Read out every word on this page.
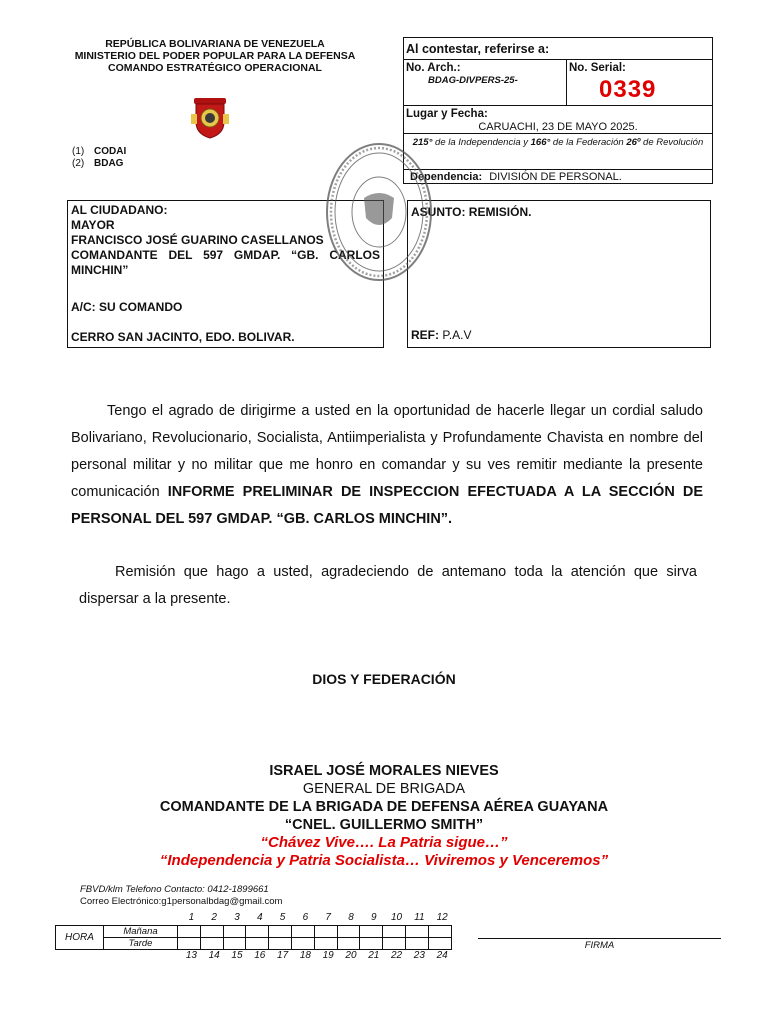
REPÚBLICA BOLIVARIANA DE VENEZUELA
MINISTERIO DEL PODER POPULAR PARA LA DEFENSA
COMANDO ESTRATÉGICO OPERACIONAL
(1) CODAI
(2) BDAG
Al contestar, referirse a:
No. Arch.:
BDAG-DIVPERS-25-
No. Serial:
0339
Lugar y Fecha:
CARUACHI, 23 DE MAYO 2025.
215° de la Independencia y 166° de la Federación 26º de Revolución
Dependencia: DIVISIÓN DE PERSONAL.
AL CIUDADANO:
MAYOR
FRANCISCO JOSÉ GUARINO CASELLANOS
COMANDANTE DEL 597 GMDAP. “GB. CARLOS MINCHIN”
A/C: SU COMANDO
CERRO SAN JACINTO, EDO. BOLIVAR.
ASUNTO: REMISIÓN.
REF: P.A.V
Tengo el agrado de dirigirme a usted en la oportunidad de hacerle llegar un cordial saludo Bolivariano, Revolucionario, Socialista, Antiimperialista y Profundamente Chavista en nombre del personal militar y no militar que me honro en comandar y su ves remitir mediante la presente comunicación INFORME PRELIMINAR DE INSPECCION EFECTUADA A LA SECCIÓN DE PERSONAL DEL 597 GMDAP. “GB. CARLOS MINCHIN”.
Remisión que hago a usted, agradeciendo de antemano toda la atención que sirva dispersar a la presente.
DIOS Y FEDERACIÓN
ISRAEL JOSÉ MORALES NIEVES
GENERAL DE BRIGADA
COMANDANTE DE LA BRIGADA DE DEFENSA AÉREA GUAYANA
“CNEL. GUILLERMO SMITH”
“Chávez Vive…. La Patria sigue…”
“Independencia y Patria Socialista… Viviremos y Venceremos”
FBVD/klm Telefono Contacto: 0412-1899661
Correo Electrónico:g1personalbdag@gmail.com
1 2 3 4 5 6 7 8 9 10 11 12
HORA	Mañana												
	Tarde												
13 14 15 16 17 18 19 20 21 22 23 24
FIRMA
